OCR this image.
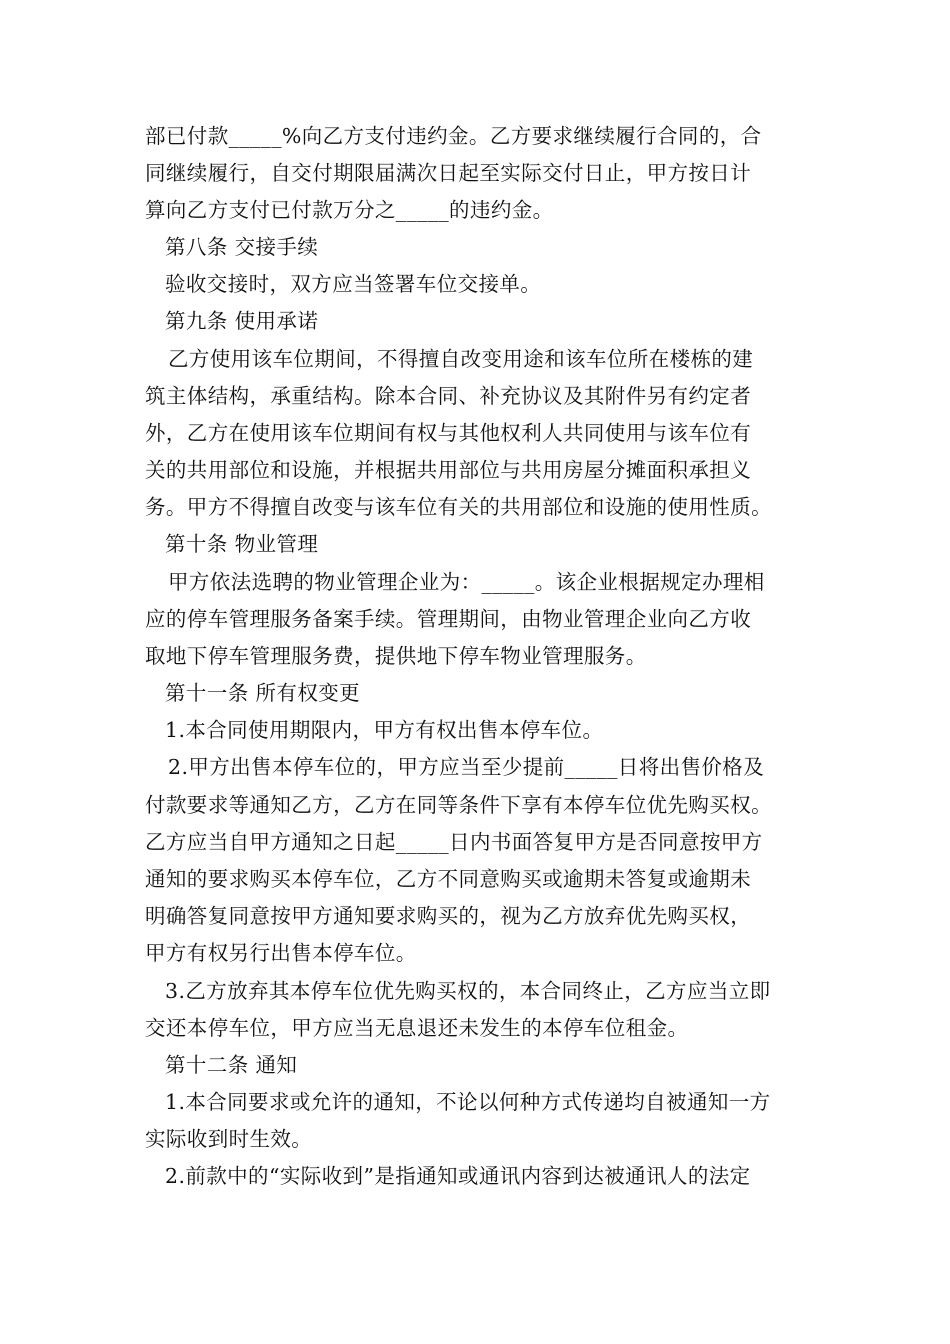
部已付款_____%向乙方支付违约金。乙方要求继续履行合同的，合
同继续履行，自交付期限届满次日起至实际交付日止，甲方按日计
算向乙方支付已付款万分之_____的违约金。
第八条 交接手续
验收交接时，双方应当签署车位交接单。
第九条 使用承诺
乙方使用该车位期间，不得擅自改变用途和该车位所在楼栋的建
筑主体结构，承重结构。除本合同、补充协议及其附件另有约定者
外，乙方在使用该车位期间有权与其他权利人共同使用与该车位有
关的共用部位和设施，并根据共用部位与共用房屋分摊面积承担义
务。甲方不得擅自改变与该车位有关的共用部位和设施的使用性质。
第十条 物业管理
甲方依法选聘的物业管理企业为：_____。该企业根据规定办理相
应的停车管理服务备案手续。管理期间，由物业管理企业向乙方收
取地下停车管理服务费，提供地下停车物业管理服务。
第十一条 所有权变更
1.本合同使用期限内，甲方有权出售本停车位。
2.甲方出售本停车位的，甲方应当至少提前_____日将出售价格及
付款要求等通知乙方，乙方在同等条件下享有本停车位优先购买权。
乙方应当自甲方通知之日起_____日内书面答复甲方是否同意按甲方
通知的要求购买本停车位，乙方不同意购买或逾期未答复或逾期未
明确答复同意按甲方通知要求购买的，视为乙方放弃优先购买权，
甲方有权另行出售本停车位。
3.乙方放弃其本停车位优先购买权的，本合同终止，乙方应当立即
交还本停车位，甲方应当无息退还未发生的本停车位租金。
第十二条 通知
1.本合同要求或允许的通知，不论以何种方式传递均自被通知一方
实际收到时生效。
2.前款中的“实际收到”是指通知或通讯内容到达被通讯人的法定
